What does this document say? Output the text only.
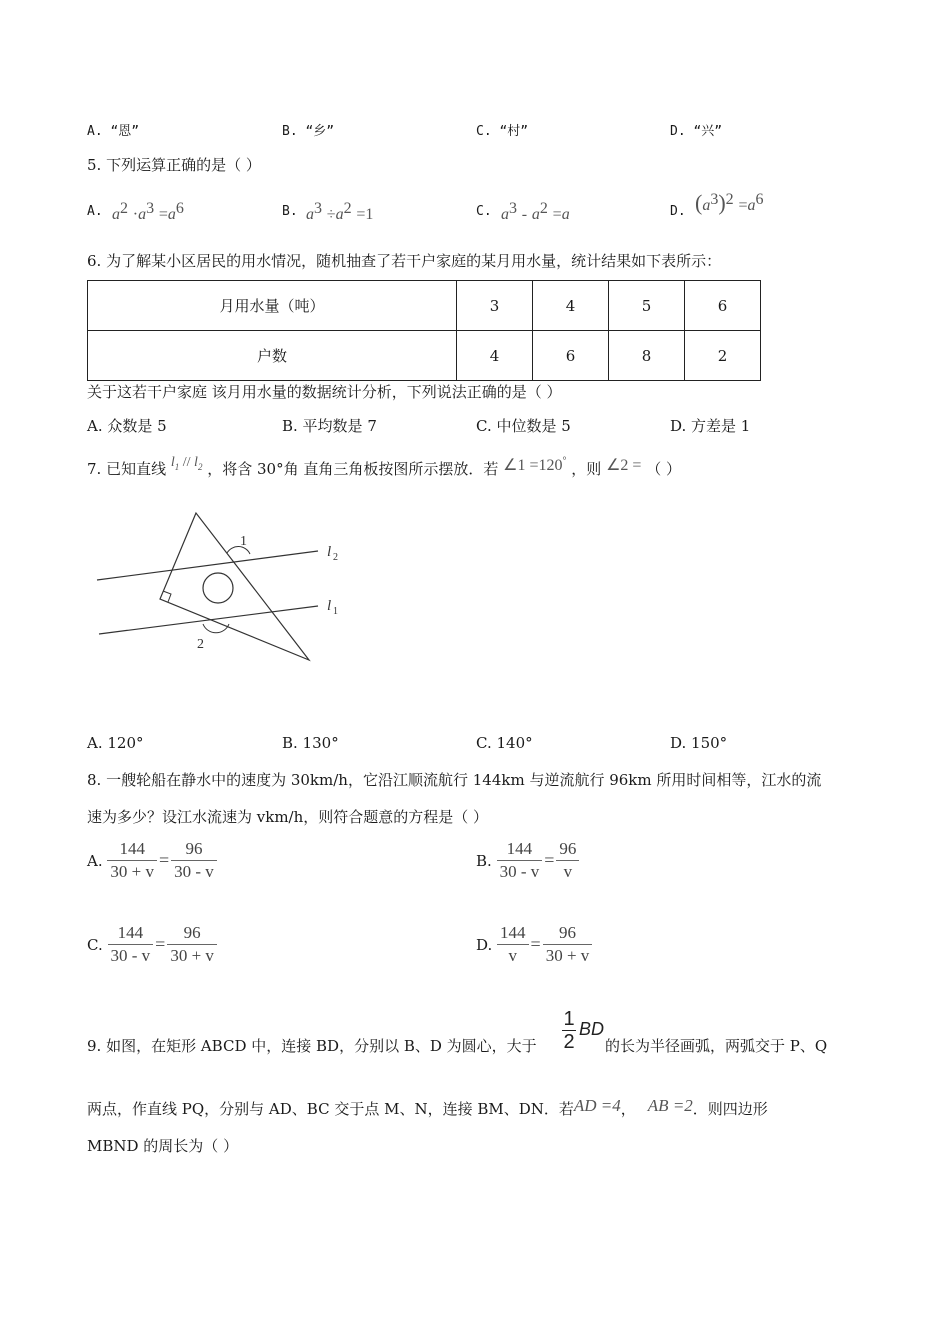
A. “恩”	B. “乡”	C. “村”	D. “兴”
5. 下列运算正确的是（ ）
A. $a^2 \cdot a^3 =a^6$	B. $a^3 \div a^2 =1$	C. $a^3 - a^2 =a$	D. $(a^3)^2 =a^6$
6. 为了解某小区居民的用水情况，随机抽查了若干户家庭的某月用水量，统计结果如下表所示：
月用水量（吨）	3	4	5	6
户数	4	6	8	2
关于这若干户家庭 该月用水量的数据统计分析，下列说法正确的是（ ）
A. 众数是 5	B. 平均数是 7	C. 中位数是 5	D. 方差是 1
7. 已知直线 $l_1 // l_2$ ，将含 30°角 直角三角板按图所示摆放．若 ∠1 =120° ，则 ∠2 = （ ）
1
2
l 2
l 1
A. 120°	B. 130°	C. 140°	D. 150°
8. 一艘轮船在静水中的速度为 30km/h，它沿江顺流航行 144km 与逆流航行 96km 所用时间相等，江水的流
速为多少？设江水流速为 vkm/h，则符合题意的方程是（ ）
A. $\frac{144}{30 + v} = \frac{96}{30 - v}$	B. $\frac{144}{30 - v} = \frac{96}{v}$
C. $\frac{144}{30 - v} = \frac{96}{30 + v}$	D. $\frac{144}{v} = \frac{96}{30 + v}$
9. 如图，在矩形 ABCD 中，连接 BD，分别以 B、D 为圆心，大于
1
2
BD
的长为半径画弧，两弧交于 P、Q
两点，作直线 PQ，分别与 AD、BC 交于点 M、N，连接 BM、DN．若AD =4， AB =2．则四边形
MBND 的周长为（ ）
